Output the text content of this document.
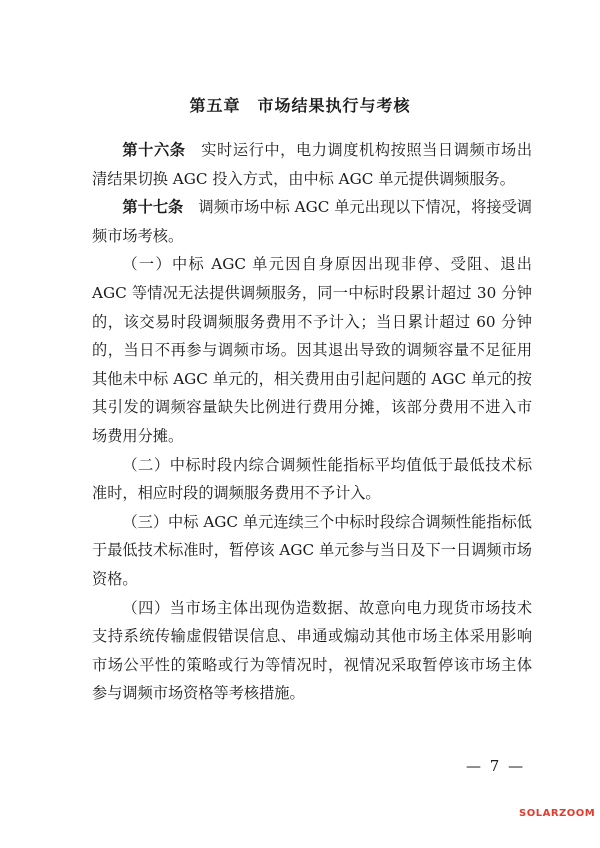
第五章　市场结果执行与考核

第十六条　 实时运行中，电力调度机构按照当日调频市场出清结果切换 AGC 投入方式，由中标 AGC 单元提供调频服务。

第十七条　 调频市场中标 AGC 单元出现以下情况，将接受调频市场考核。

（一）中标 AGC 单元因自身原因出现非停、受阻、退出 AGC 等情况无法提供调频服务，同一中标时段累计超过 30 分钟的，该交易时段调频服务费用不予计入；当日累计超过 60 分钟的，当日不再参与调频市场。因其退出导致的调频容量不足征用其他未中标 AGC 单元的，相关费用由引起问题的 AGC 单元的按其引发的调频容量缺失比例进行费用分摊，该部分费用不进入市场费用分摊。

（二）中标时段内综合调频性能指标平均值低于最低技术标准时，相应时段的调频服务费用不予计入。

（三）中标 AGC 单元连续三个中标时段综合调频性能指标低于最低技术标准时，暂停该 AGC 单元参与当日及下一日调频市场资格。

（四）当市场主体出现伪造数据、故意向电力现货市场技术支持系统传输虚假错误信息、串通或煽动其他市场主体采用影响市场公平性的策略或行为等情况时，视情况采取暂停该市场主体参与调频市场资格等考核措施。

— 7 —
SOLARZOOM
